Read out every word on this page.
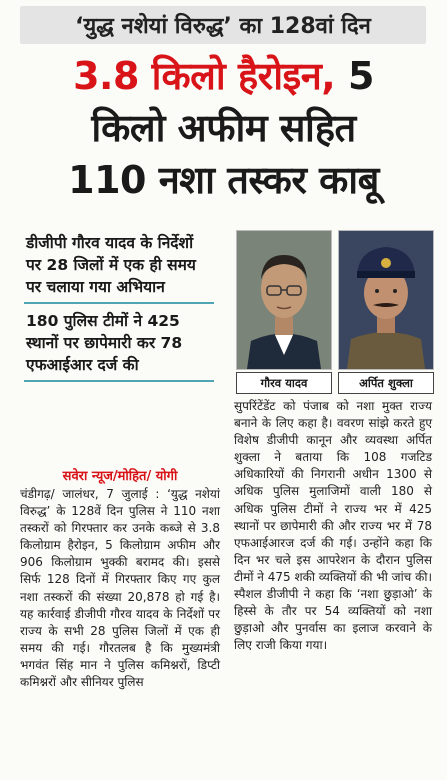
‘युद्ध नशेयां विरुद्ध’ का 128वां दिन
3.8 किलो हैरोइन, 5
किलो अफीम सहित
110 नशा तस्कर काबू
डीजीपी गौरव यादव के निर्देशों पर 28 जिलों में एक ही समय पर चलाया गया अभियान
180 पुलिस टीमों ने 425 स्थानों पर छापेमारी कर 78 एफआईआर दर्ज की
सवेरा न्यूज/मोहित/ योगी
गौरव यादव	अर्पित शुक्ला

चंडीगढ़/ जालंधर, 7 जुलाई : ‘युद्ध नशेयां विरुद्ध’ के 128वें दिन पुलिस ने 110 नशा तस्करों को गिरफ्तार कर उनके कब्जे से 3.8 किलोग्राम हैरोइन, 5 किलोग्राम अफीम और 906 किलोग्राम भुक्की बरामद की। इससे सिर्फ 128 दिनों में गिरफ्तार किए गए कुल नशा तस्करों की संख्या 20,878 हो गई है। यह कार्रवाई डीजीपी गौरव यादव के निर्देशों पर राज्य के सभी 28 पुलिस जिलों में एक ही समय की गई। गौरतलब है कि मुख्यमंत्री भगवंत सिंह मान ने पुलिस कमिश्नरों, डिप्टी कमिश्नरों और सीनियर पुलिस

सुपरिंटेंडेंट को पंजाब को नशा मुक्त राज्य बनाने के लिए कहा है। ववरण सांझे करते हुए विशेष डीजीपी कानून और व्यवस्था अर्पित शुक्ला ने बताया कि 108 गजटिड अधिकारियों की निगरानी अधीन 1300 से अधिक पुलिस मुलाजिमों वाली 180 से अधिक पुलिस टीमों ने राज्य भर में 425 स्थानों पर छापेमारी की और राज्य भर में 78 एफआईआरज दर्ज की गई। उन्होंने कहा कि दिन भर चले इस आपरेशन के दौरान पुलिस टीमों ने 475 शकी व्यक्तियों की भी जांच की। स्पैशल डीजीपी ने कहा कि ‘नशा छुड़ाओ’ के हिस्से के तौर पर 54 व्यक्तियों को नशा छुड़ाओ और पुनर्वास का इलाज करवाने के लिए राजी किया गया।
